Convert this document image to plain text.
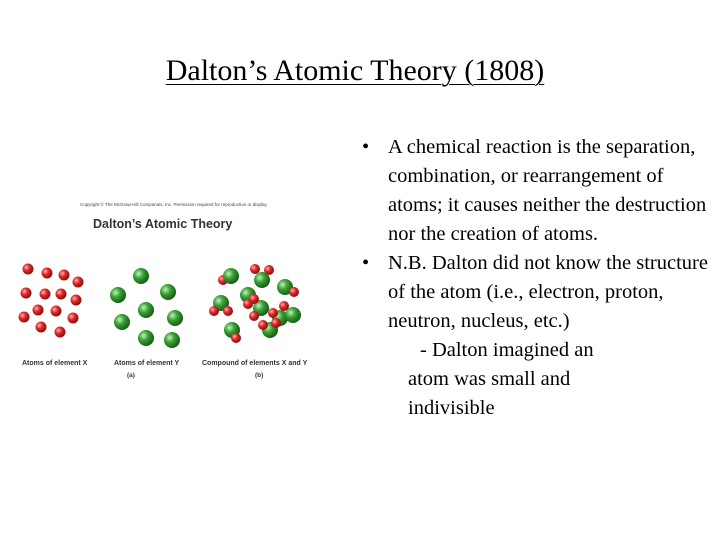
Dalton’s Atomic Theory (1808)
Copyright © The McGraw-Hill Companies, Inc. Permission required for reproduction or display.
Dalton’s Atomic Theory
Atoms of element X	Atoms of element Y	Compound of elements X and Y
(a)	(b)
• A chemical reaction is the separation, combination, or rearrangement of atoms; it causes neither the destruction nor the creation of atoms.
• N.B. Dalton did not know the structure of the atom (i.e., electron, proton, neutron, nucleus, etc.)
- Dalton imagined an atom was small and indivisible
